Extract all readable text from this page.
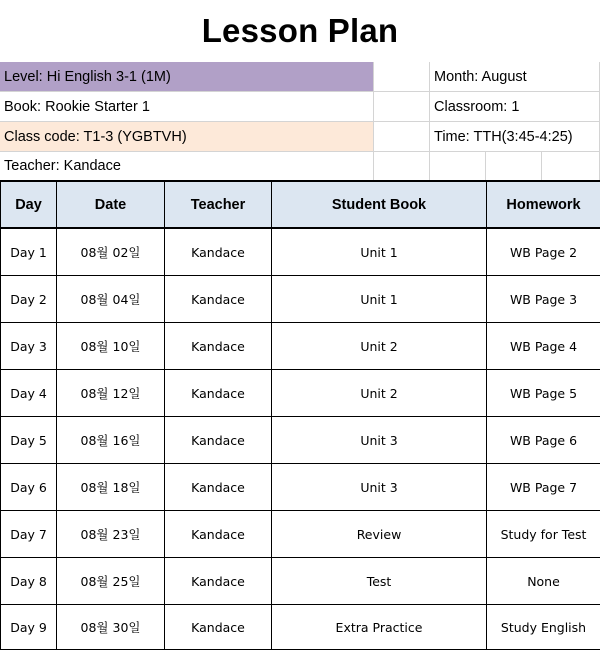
Lesson Plan
Level: Hi English 3-1 (1M)	Month: August
Book: Rookie Starter 1	Classroom: 1
Class code: T1-3 (YGBTVH)	Time: TTH(3:45-4:25)
Teacher: Kandace
Day	Date	Teacher	Student Book	Homework
Day 1	08월 02일	Kandace	Unit 1	WB Page 2
Day 2	08월 04일	Kandace	Unit 1	WB Page 3
Day 3	08월 10일	Kandace	Unit 2	WB Page 4
Day 4	08월 12일	Kandace	Unit 2	WB Page 5
Day 5	08월 16일	Kandace	Unit 3	WB Page 6
Day 6	08월 18일	Kandace	Unit 3	WB Page 7
Day 7	08월 23일	Kandace	Review	Study for Test
Day 8	08월 25일	Kandace	Test	None
Day 9	08월 30일	Kandace	Extra Practice	Study English
